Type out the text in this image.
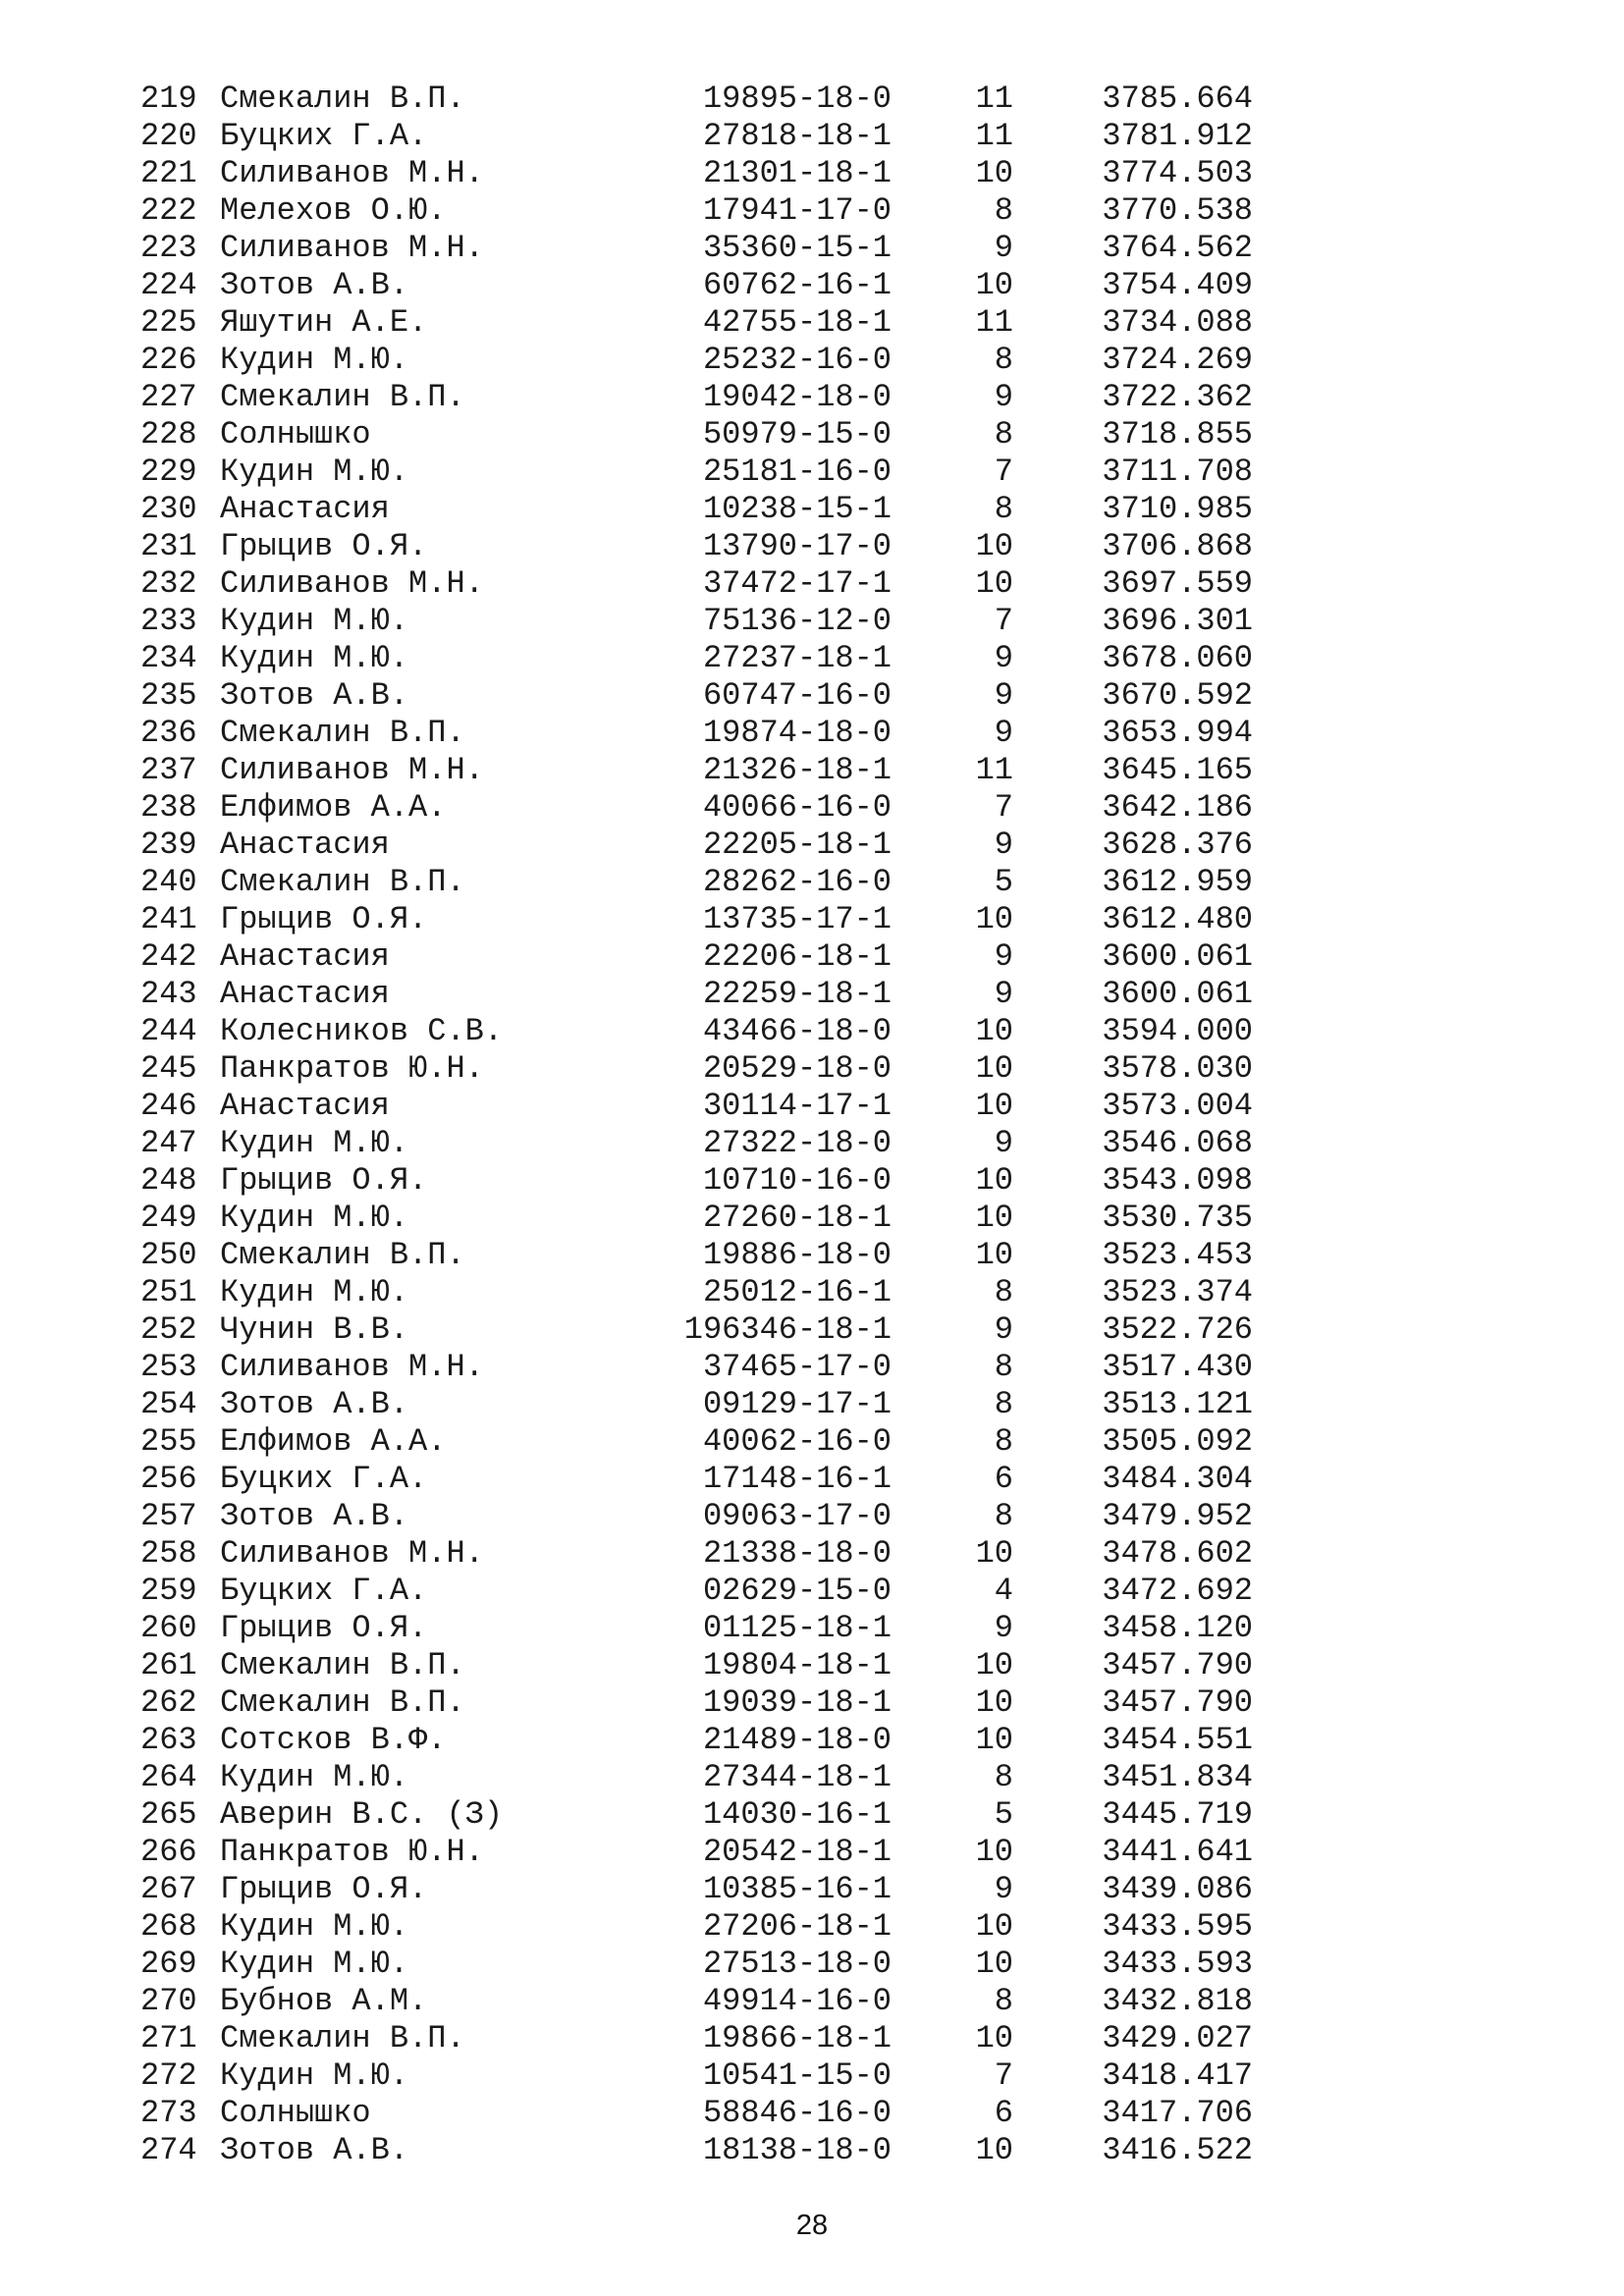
219 Смекалин В.П.	19895-18-0	11	3785.664
220 Буцких Г.А.	27818-18-1	11	3781.912
221 Силиванов М.Н.	21301-18-1	10	3774.503
222 Мелехов О.Ю.	17941-17-0	8	3770.538
223 Силиванов М.Н.	35360-15-1	9	3764.562
224 Зотов А.В.	60762-16-1	10	3754.409
225 Яшутин А.Е.	42755-18-1	11	3734.088
226 Кудин М.Ю.	25232-16-0	8	3724.269
227 Смекалин В.П.	19042-18-0	9	3722.362
228 Солнышко	50979-15-0	8	3718.855
229 Кудин М.Ю.	25181-16-0	7	3711.708
230 Анастасия	10238-15-1	8	3710.985
231 Грыцив О.Я.	13790-17-0	10	3706.868
232 Силиванов М.Н.	37472-17-1	10	3697.559
233 Кудин М.Ю.	75136-12-0	7	3696.301
234 Кудин М.Ю.	27237-18-1	9	3678.060
235 Зотов А.В.	60747-16-0	9	3670.592
236 Смекалин В.П.	19874-18-0	9	3653.994
237 Силиванов М.Н.	21326-18-1	11	3645.165
238 Елфимов А.А.	40066-16-0	7	3642.186
239 Анастасия	22205-18-1	9	3628.376
240 Смекалин В.П.	28262-16-0	5	3612.959
241 Грыцив О.Я.	13735-17-1	10	3612.480
242 Анастасия	22206-18-1	9	3600.061
243 Анастасия	22259-18-1	9	3600.061
244 Колесников С.В.	43466-18-0	10	3594.000
245 Панкратов Ю.Н.	20529-18-0	10	3578.030
246 Анастасия	30114-17-1	10	3573.004
247 Кудин М.Ю.	27322-18-0	9	3546.068
248 Грыцив О.Я.	10710-16-0	10	3543.098
249 Кудин М.Ю.	27260-18-1	10	3530.735
250 Смекалин В.П.	19886-18-0	10	3523.453
251 Кудин М.Ю.	25012-16-1	8	3523.374
252 Чунин В.В.	196346-18-1	9	3522.726
253 Силиванов М.Н.	37465-17-0	8	3517.430
254 Зотов А.В.	09129-17-1	8	3513.121
255 Елфимов А.А.	40062-16-0	8	3505.092
256 Буцких Г.А.	17148-16-1	6	3484.304
257 Зотов А.В.	09063-17-0	8	3479.952
258 Силиванов М.Н.	21338-18-0	10	3478.602
259 Буцких Г.А.	02629-15-0	4	3472.692
260 Грыцив О.Я.	01125-18-1	9	3458.120
261 Смекалин В.П.	19804-18-1	10	3457.790
262 Смекалин В.П.	19039-18-1	10	3457.790
263 Сотсков В.Ф.	21489-18-0	10	3454.551
264 Кудин М.Ю.	27344-18-1	8	3451.834
265 Аверин В.С. (З)	14030-16-1	5	3445.719
266 Панкратов Ю.Н.	20542-18-1	10	3441.641
267 Грыцив О.Я.	10385-16-1	9	3439.086
268 Кудин М.Ю.	27206-18-1	10	3433.595
269 Кудин М.Ю.	27513-18-0	10	3433.593
270 Бубнов А.М.	49914-16-0	8	3432.818
271 Смекалин В.П.	19866-18-1	10	3429.027
272 Кудин М.Ю.	10541-15-0	7	3418.417
273 Солнышко	58846-16-0	6	3417.706
274 Зотов А.В.	18138-18-0	10	3416.522
28
